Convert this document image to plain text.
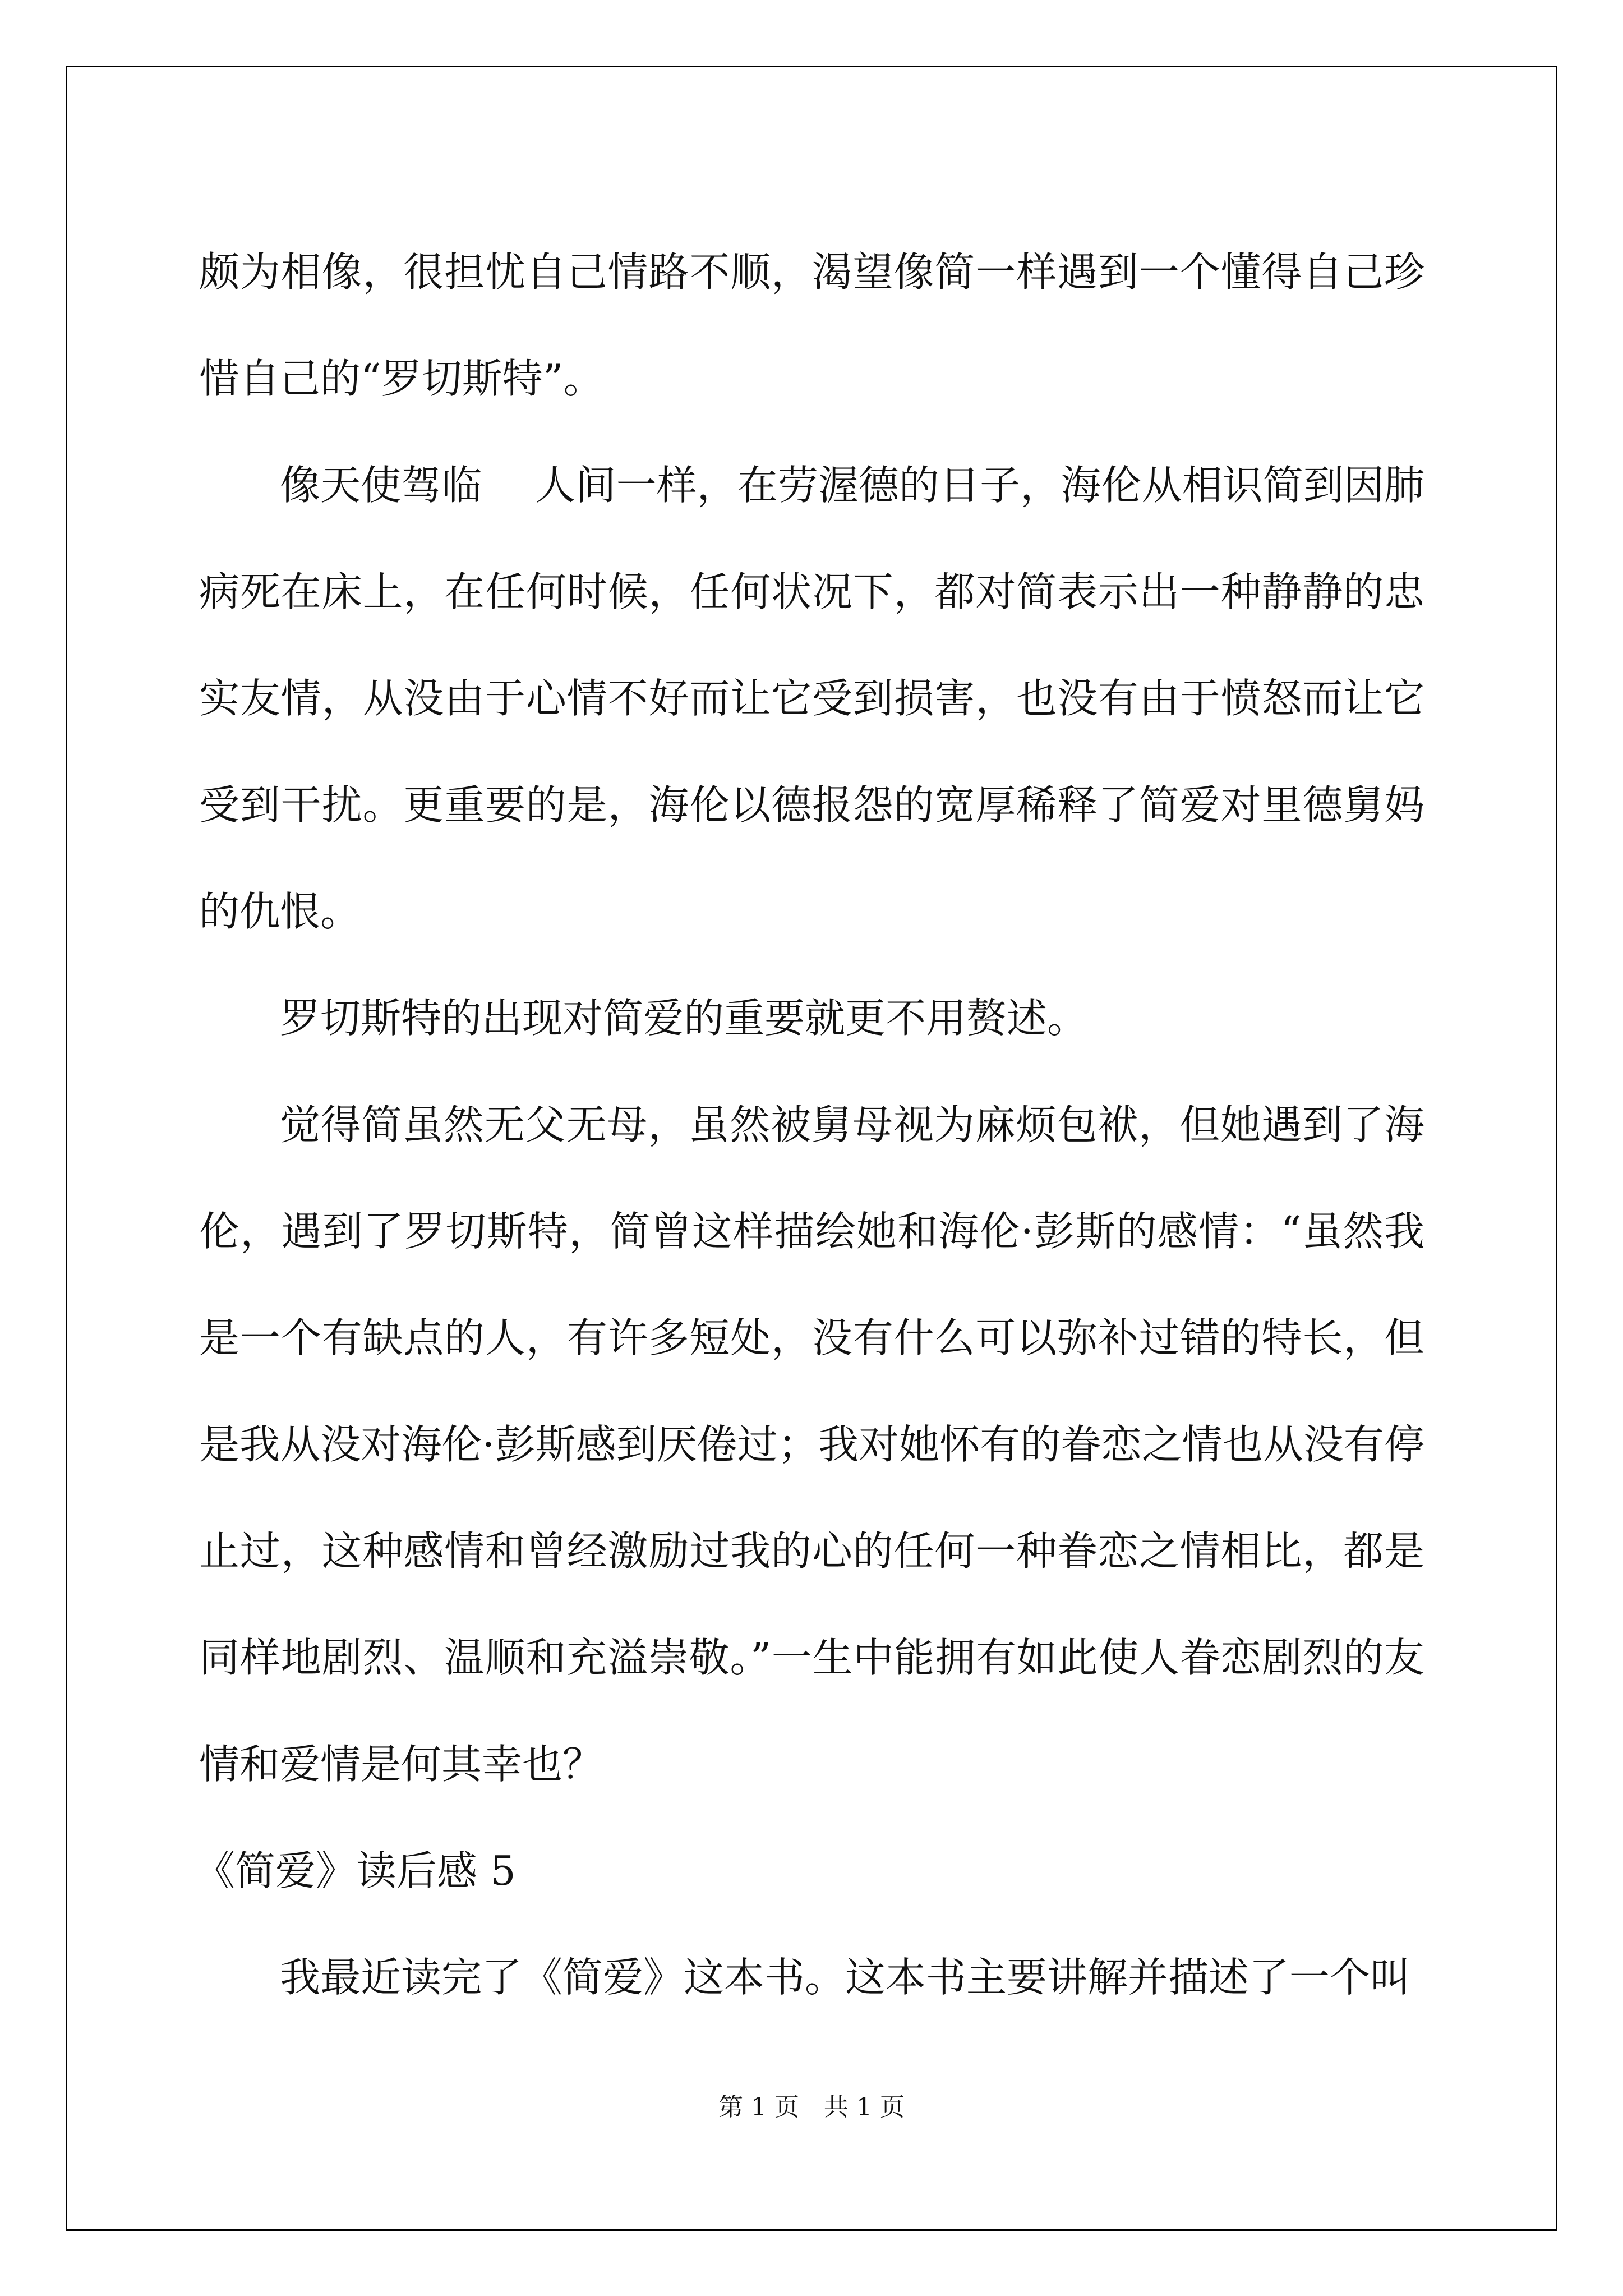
颇为相像，很担忧自己情路不顺，渴望像简一样遇到一个懂得自己珍惜自己的“罗切斯特”。

像天使驾临　 人间一样，在劳渥德的日子，海伦从相识简到因肺病死在床上，在任何时候，任何状况下，都对简表示出一种静静的忠实友情，从没由于心情不好而让它受到损害，也没有由于愤怒而让它受到干扰。更重要的是，海伦以德报怨的宽厚稀释了简爱对里德舅妈的仇恨。

罗切斯特的出现对简爱的重要就更不用赘述。

觉得简虽然无父无母，虽然被舅母视为麻烦包袱，但她遇到了海伦，遇到了罗切斯特，简曾这样描绘她和海伦·彭斯的感情：“虽然我是一个有缺点的人，有许多短处，没有什么可以弥补过错的特长，但是我从没对海伦·彭斯感到厌倦过；我对她怀有的眷恋之情也从没有停止过，这种感情和曾经激励过我的心的任何一种眷恋之情相比，都是同样地剧烈、温顺和充溢崇敬。”一生中能拥有如此使人眷恋剧烈的友情和爱情是何其幸也？

《简爱》读后感 5

我最近读完了《简爱》这本书。这本书主要讲解并描述了一个叫

第 1 页　共 1 页
